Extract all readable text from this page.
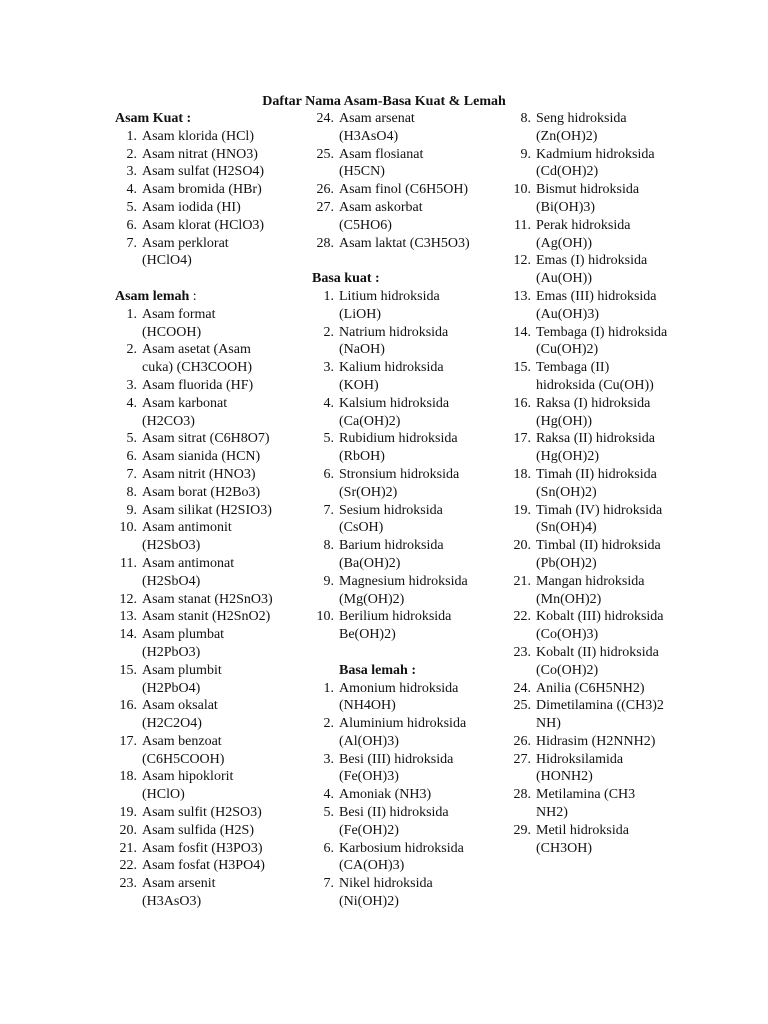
Daftar Nama Asam-Basa Kuat & Lemah
Asam Kuat :
1. Asam klorida (HCl)
2. Asam nitrat (HNO3)
3. Asam sulfat (H2SO4)
4. Asam bromida (HBr)
5. Asam iodida (HI)
6. Asam klorat (HClO3)
7. Asam perklorat
(HClO4)
Asam lemah :
1. Asam format
(HCOOH)
2. Asam asetat (Asam
cuka) (CH3COOH)
3. Asam fluorida (HF)
4. Asam karbonat
(H2CO3)
5. Asam sitrat (C6H8O7)
6. Asam sianida (HCN)
7. Asam nitrit (HNO3)
8. Asam borat (H2Bo3)
9. Asam silikat (H2SIO3)
10. Asam antimonit
(H2SbO3)
11. Asam antimonat
(H2SbO4)
12. Asam stanat (H2SnO3)
13. Asam stanit (H2SnO2)
14. Asam plumbat
(H2PbO3)
15. Asam plumbit
(H2PbO4)
16. Asam oksalat
(H2C2O4)
17. Asam benzoat
(C6H5COOH)
18. Asam hipoklorit
(HClO)
19. Asam sulfit (H2SO3)
20. Asam sulfida (H2S)
21. Asam fosfit (H3PO3)
22. Asam fosfat (H3PO4)
23. Asam arsenit
(H3AsO3)
24. Asam arsenat
(H3AsO4)
25. Asam flosianat
(H5CN)
26. Asam finol (C6H5OH)
27. Asam askorbat
(C5HO6)
28. Asam laktat (C3H5O3)
Basa kuat :
1. Litium hidroksida
(LiOH)
2. Natrium hidroksida
(NaOH)
3. Kalium hidroksida
(KOH)
4. Kalsium hidroksida
(Ca(OH)2)
5. Rubidium hidroksida
(RbOH)
6. Stronsium hidroksida
(Sr(OH)2)
7. Sesium hidroksida
(CsOH)
8. Barium hidroksida
(Ba(OH)2)
9. Magnesium hidroksida
(Mg(OH)2)
10. Berilium hidroksida
Be(OH)2)
Basa lemah :
1. Amonium hidroksida
(NH4OH)
2. Aluminium hidroksida
(Al(OH)3)
3. Besi (III) hidroksida
(Fe(OH)3)
4. Amoniak (NH3)
5. Besi (II) hidroksida
(Fe(OH)2)
6. Karbosium hidroksida
(CA(OH)3)
7. Nikel hidroksida
(Ni(OH)2)
8. Seng hidroksida
(Zn(OH)2)
9. Kadmium hidroksida
(Cd(OH)2)
10. Bismut hidroksida
(Bi(OH)3)
11. Perak hidroksida
(Ag(OH))
12. Emas (I) hidroksida
(Au(OH))
13. Emas (III) hidroksida
(Au(OH)3)
14. Tembaga (I) hidroksida
(Cu(OH)2)
15. Tembaga (II)
hidroksida (Cu(OH))
16. Raksa (I) hidroksida
(Hg(OH))
17. Raksa (II) hidroksida
(Hg(OH)2)
18. Timah (II) hidroksida
(Sn(OH)2)
19. Timah (IV) hidroksida
(Sn(OH)4)
20. Timbal (II) hidroksida
(Pb(OH)2)
21. Mangan hidroksida
(Mn(OH)2)
22. Kobalt (III) hidroksida
(Co(OH)3)
23. Kobalt (II) hidroksida
(Co(OH)2)
24. Anilia (C6H5NH2)
25. Dimetilamina ((CH3)2
NH)
26. Hidrasim (H2NNH2)
27. Hidroksilamida
(HONH2)
28. Metilamina (CH3
NH2)
29. Metil hidroksida
(CH3OH)
